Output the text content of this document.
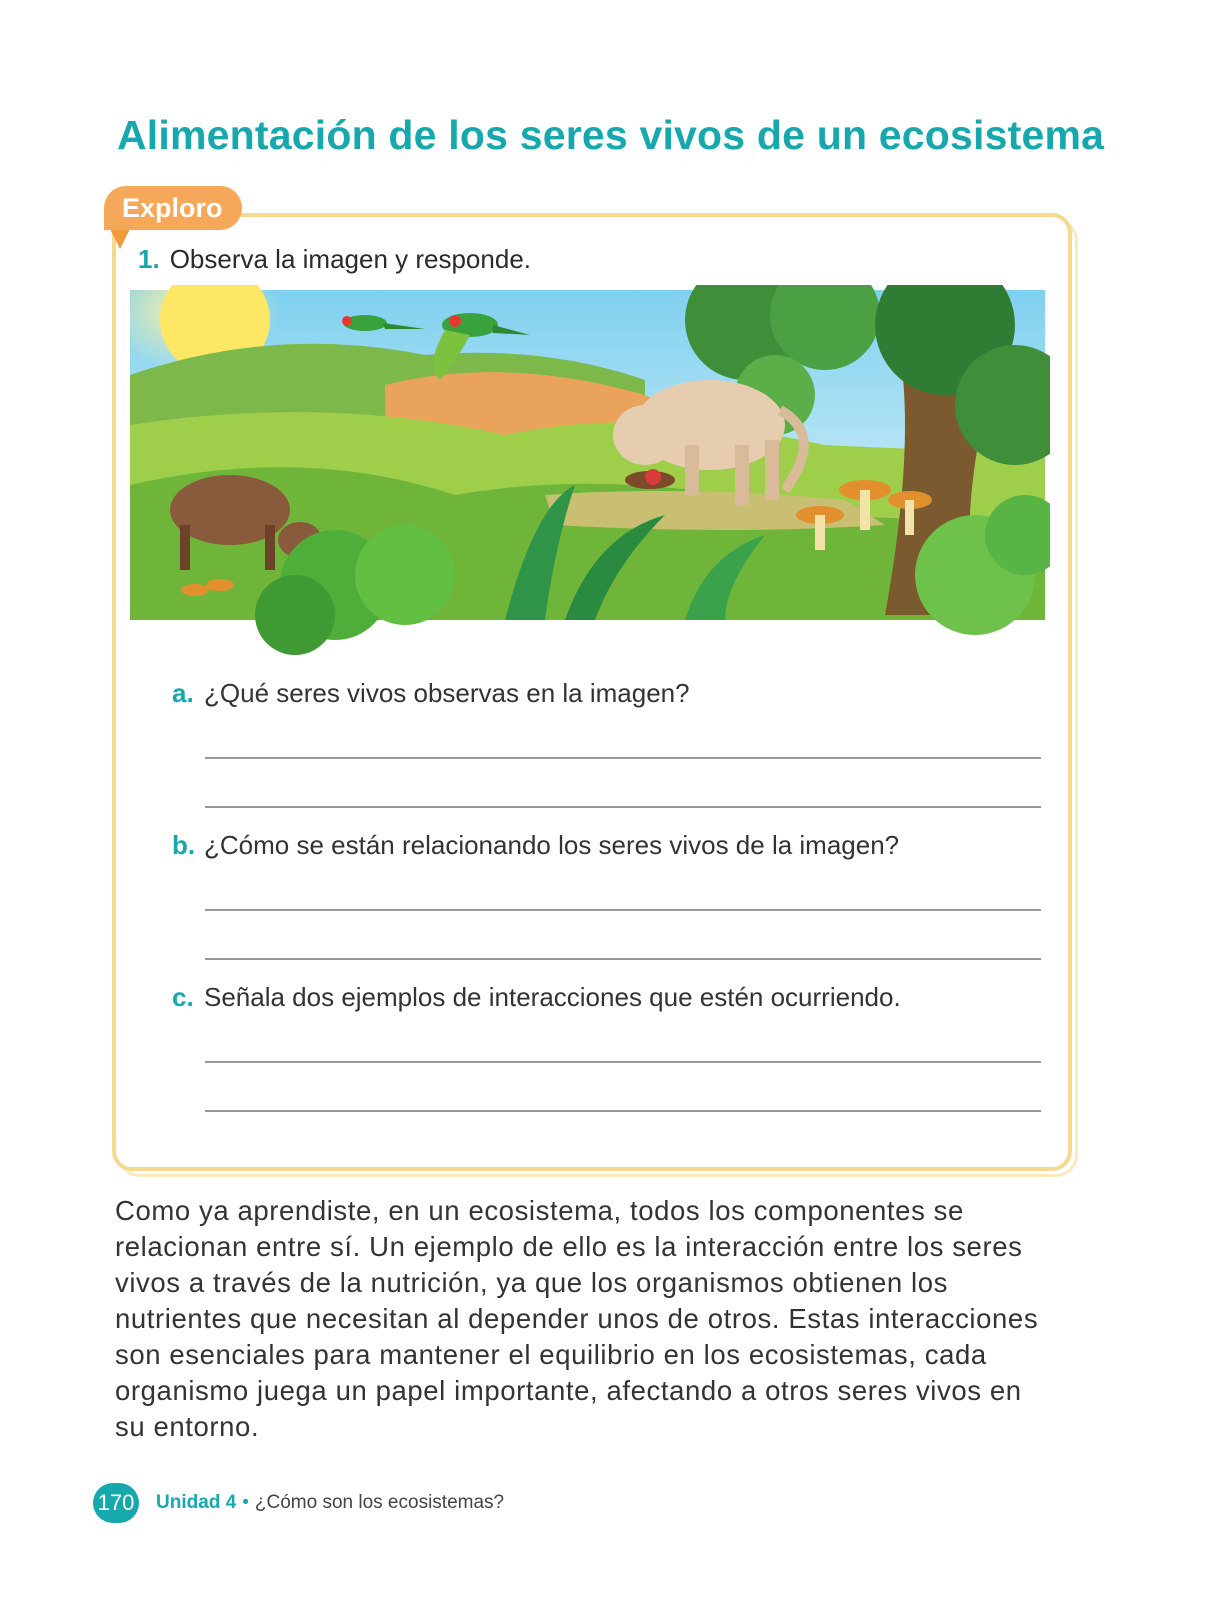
Alimentación de los seres vivos de un ecosistema
Exploro
1. Observa la imagen y responde.
a. ¿Qué seres vivos observas en la imagen?
b. ¿Cómo se están relacionando los seres vivos de la imagen?
c. Señala dos ejemplos de interacciones que estén ocurriendo.

Como ya aprendiste, en un ecosistema, todos los componentes se

relacionan entre sí. Un ejemplo de ello es la interacción entre los seres

vivos a través de la nutrición, ya que los organismos obtienen los

nutrientes que necesitan al depender unos de otros. Estas interacciones

son esenciales para mantener el equilibrio en los ecosistemas, cada

organismo juega un papel importante, afectando a otros seres vivos en

su entorno.

170 Unidad 4 • ¿Cómo son los ecosistemas?
